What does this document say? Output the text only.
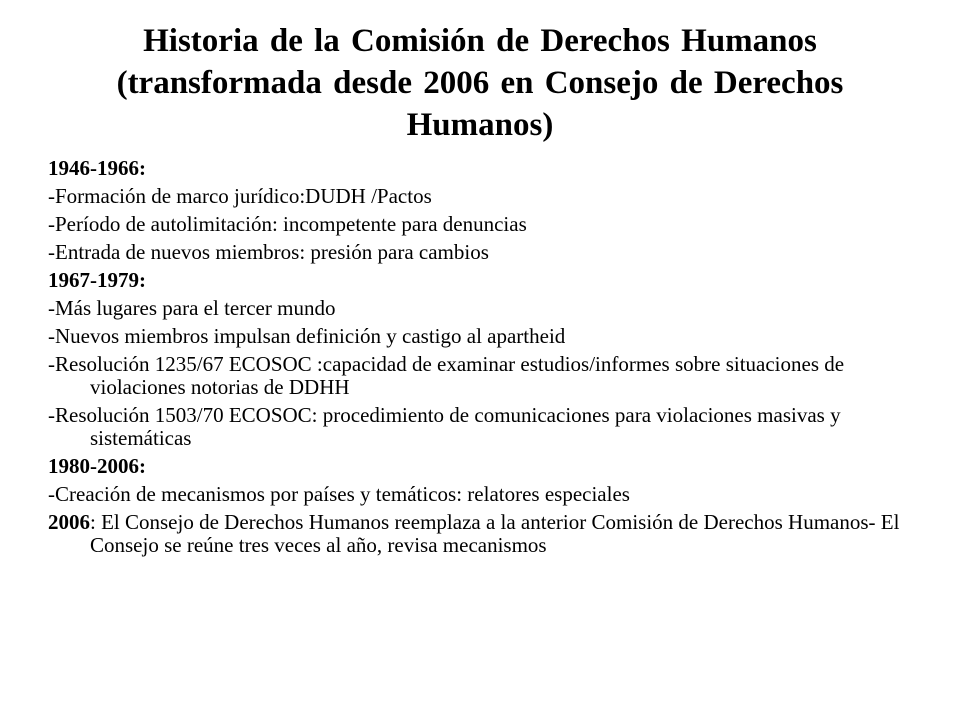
Historia de la Comisión de Derechos Humanos
(transformada desde 2006 en Consejo de Derechos
Humanos)
1946-1966:
-Formación de marco jurídico:DUDH /Pactos
-Período de autolimitación: incompetente para denuncias
-Entrada de nuevos miembros: presión para cambios
1967-1979:
-Más lugares para el tercer mundo
-Nuevos miembros impulsan definición y castigo al apartheid
-Resolución 1235/67 ECOSOC :capacidad de examinar estudios/informes sobre situaciones de violaciones notorias de DDHH
-Resolución 1503/70 ECOSOC: procedimiento de comunicaciones para violaciones masivas y sistemáticas
1980-2006:
-Creación de mecanismos por países y temáticos: relatores especiales
2006: El Consejo de Derechos Humanos reemplaza a la anterior Comisión de Derechos Humanos- El Consejo se reúne tres veces al año, revisa mecanismos
